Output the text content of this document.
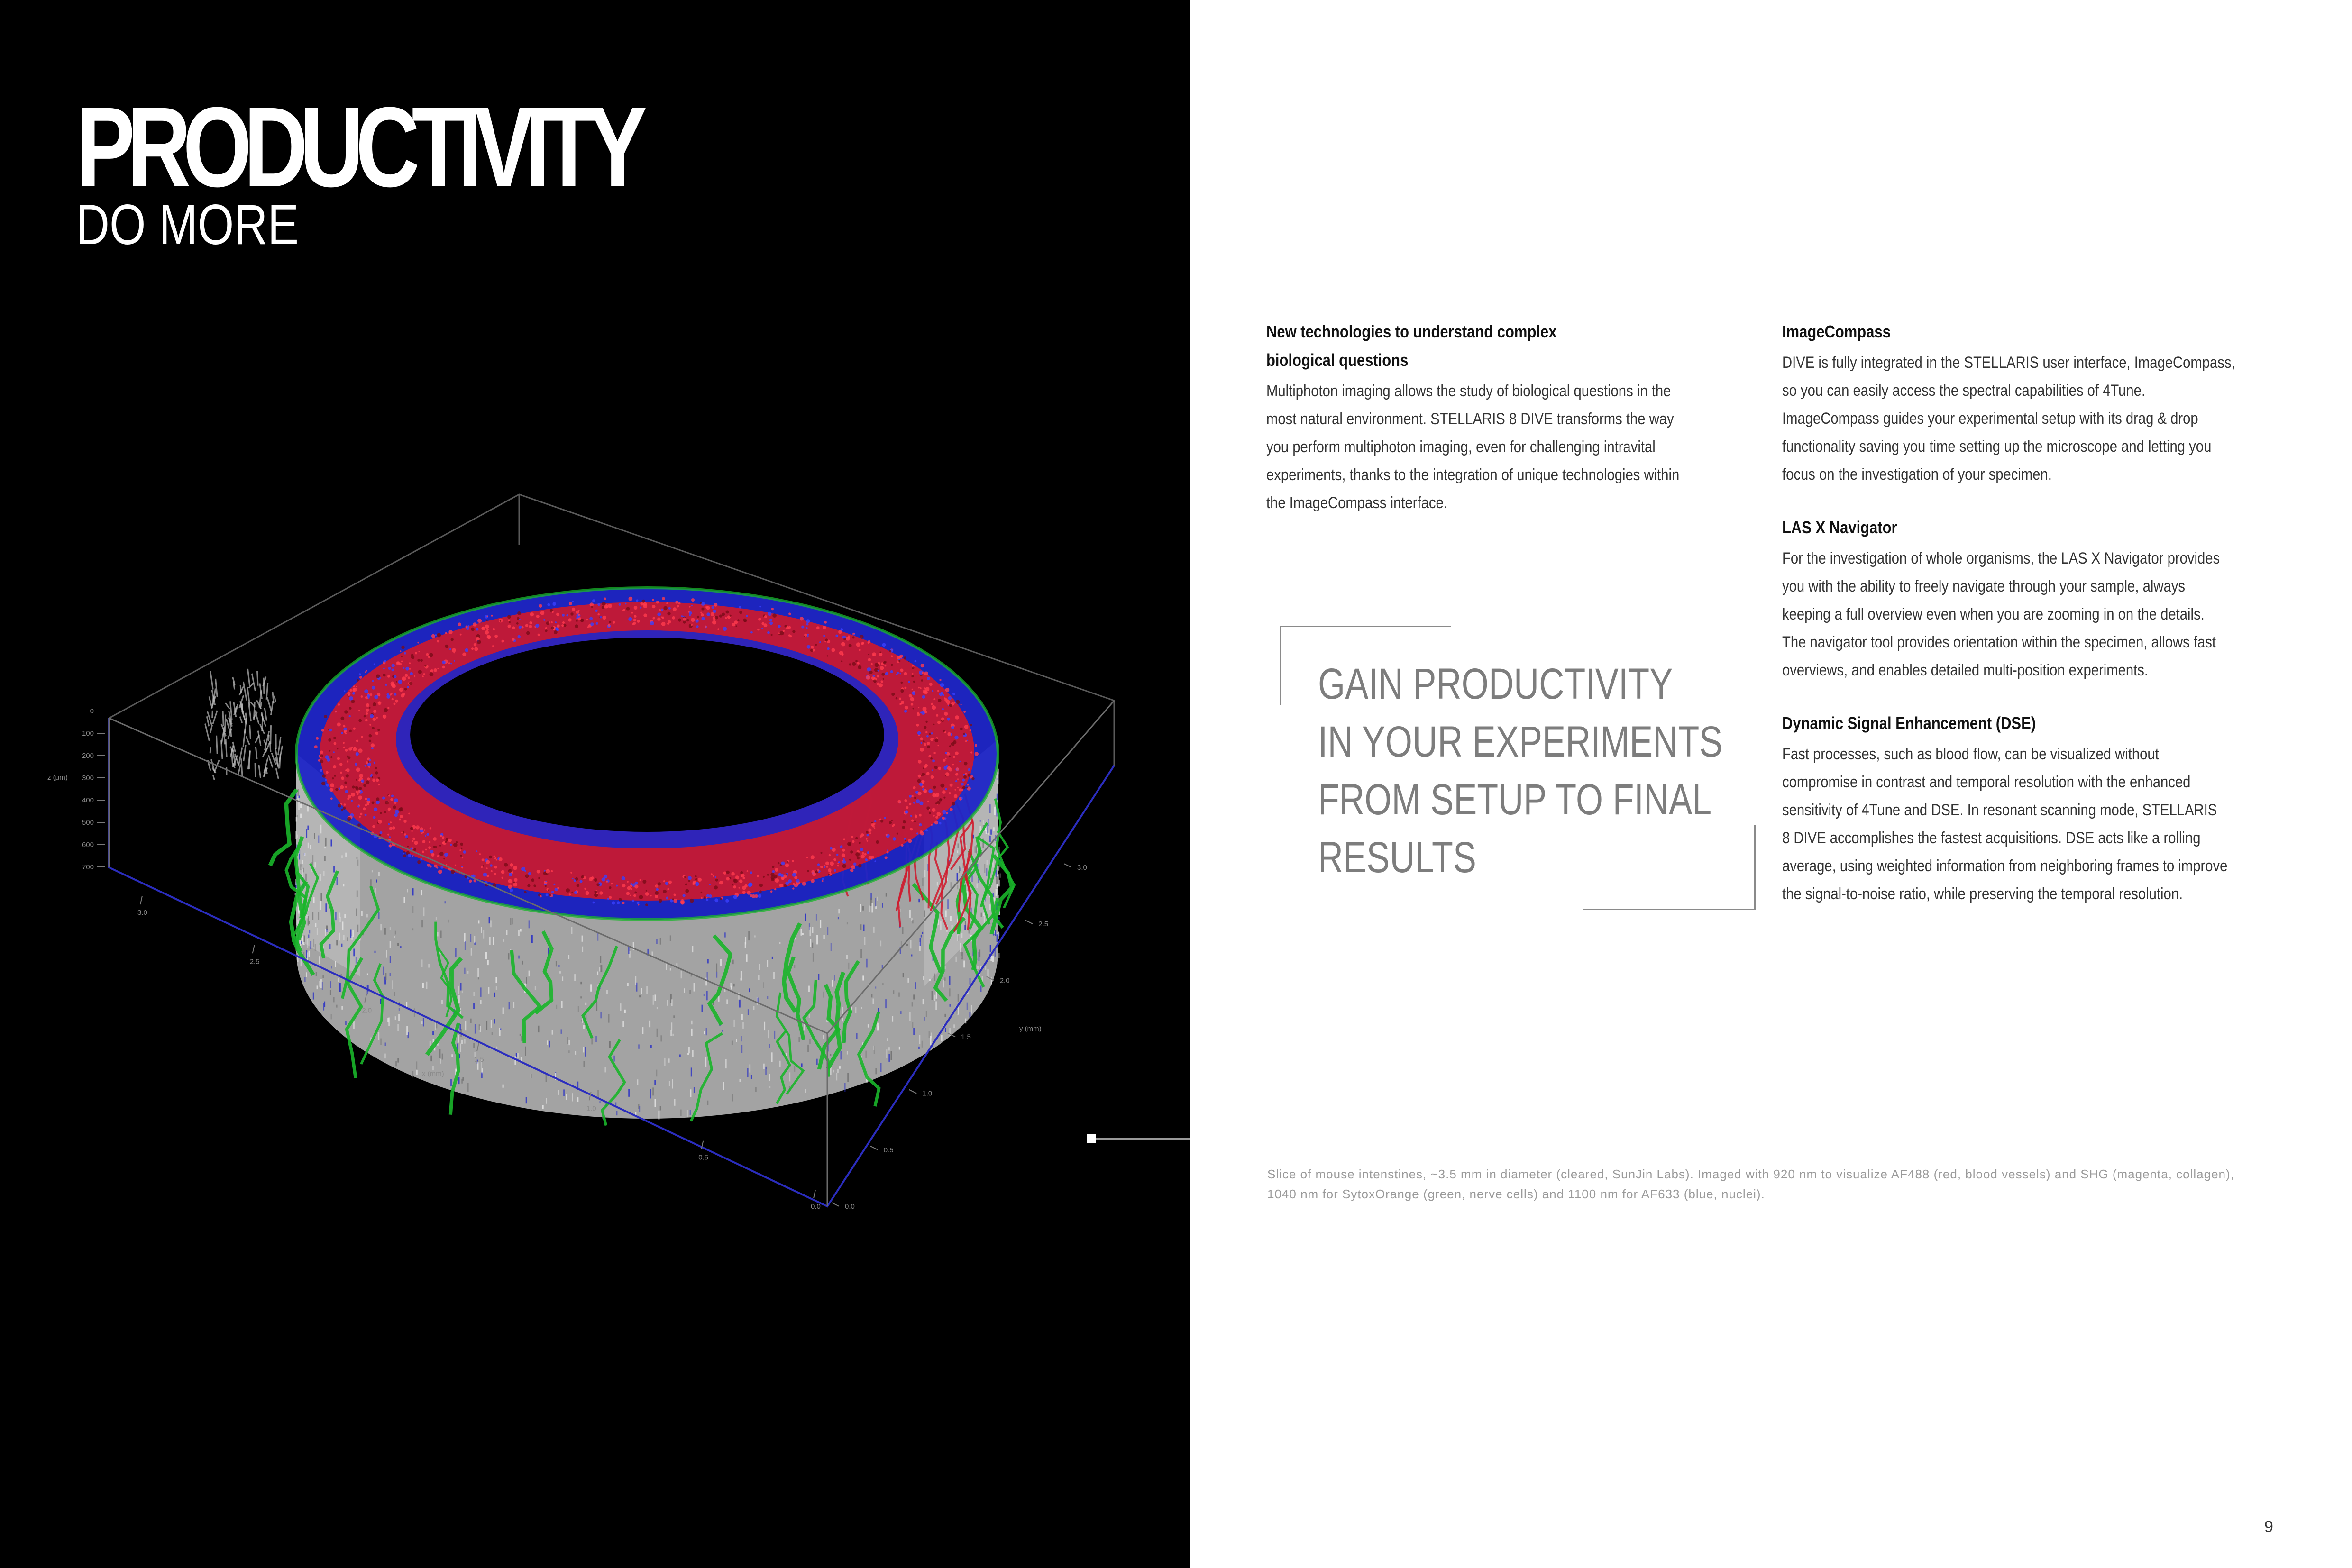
0
100
200
300
400
500
600
700
z (µm)
3.0
2.5
2.0
1.5
1.0
0.5
0.0
x (mm)
3.0
2.5
2.0
1.5
1.0
0.5
0.0
y (mm)
PRODUCTIVITY
DO MORE
New technologies to understand complex
biological questions

Multiphoton imaging allows the study of biological questions in the

most natural environment. STELLARIS 8 DIVE transforms the way

you perform multiphoton imaging, even for challenging intravital

experiments, thanks to the integration of unique technologies within

the ImageCompass interface.

ImageCompass

DIVE is fully integrated in the STELLARIS user interface, ImageCompass,

so you can easily access the spectral capabilities of 4Tune.

ImageCompass guides your experimental setup with its drag & drop

functionality saving you time setting up the microscope and letting you

focus on the investigation of your specimen.

LAS X Navigator

For the investigation of whole organisms, the LAS X Navigator provides

you with the ability to freely navigate through your sample, always

keeping a full overview even when you are zooming in on the details.

The navigator tool provides orientation within the specimen, allows fast

overviews, and enables detailed multi-position experiments.

Dynamic Signal Enhancement (DSE)

Fast processes, such as blood flow, can be visualized without

compromise in contrast and temporal resolution with the enhanced

sensitivity of 4Tune and DSE. In resonant scanning mode, STELLARIS

8 DIVE accomplishes the fastest acquisitions. DSE acts like a rolling

average, using weighted information from neighboring frames to improve

the signal-to-noise ratio, while preserving the temporal resolution.

GAIN PRODUCTIVITY
IN YOUR EXPERIMENTS
FROM SETUP TO FINAL
RESULTS

Slice of mouse intenstines, ~3.5 mm in diameter (cleared, SunJin Labs). Imaged with 920 nm to visualize AF488 (red, blood vessels) and SHG (magenta, collagen),
1040 nm for SytoxOrange (green, nerve cells) and 1100 nm for AF633 (blue, nuclei).

9
